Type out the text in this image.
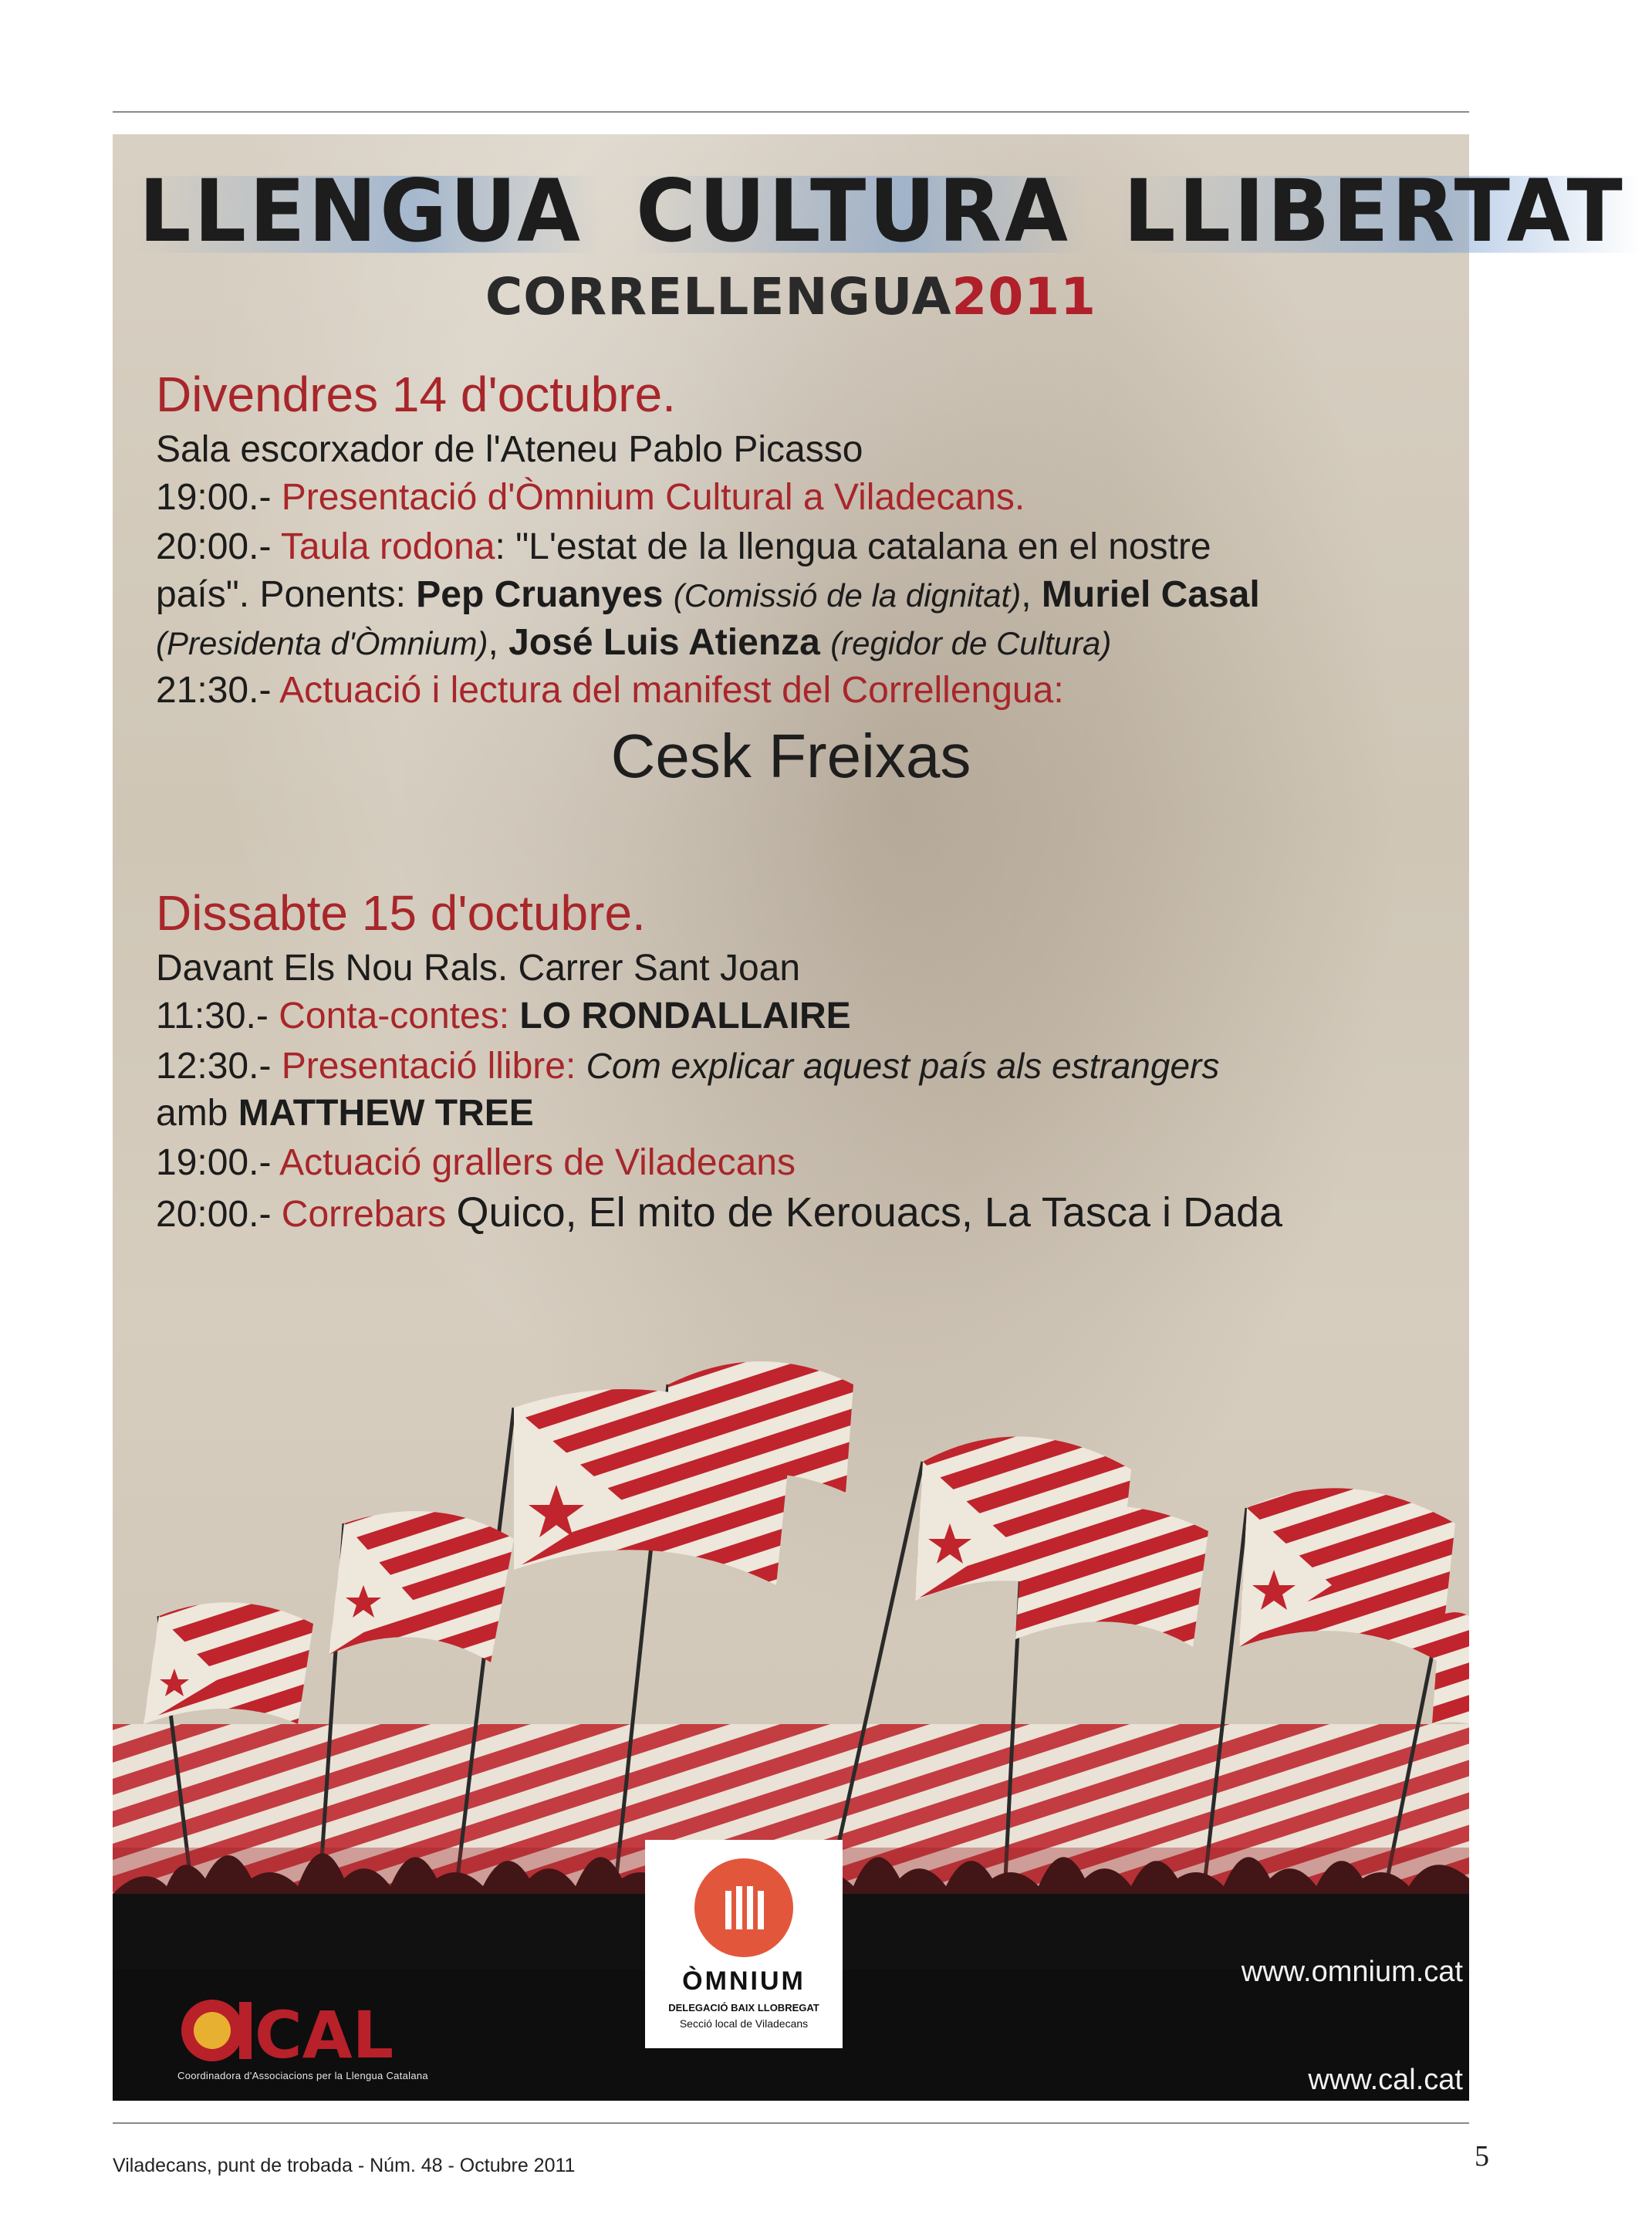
LLENGUA CULTURA LLIBERTAT
CORRELLENGUA2011
Divendres 14 d'octubre.
Sala escorxador de l'Ateneu Pablo Picasso
19:00.- Presentació d'Òmnium Cultural a Viladecans.
20:00.- Taula rodona: "L'estat de la llengua catalana en el nostre
país". Ponents: Pep Cruanyes (Comissió de la dignitat), Muriel Casal
(Presidenta d'Òmnium), José Luis Atienza (regidor de Cultura)
21:30.- Actuació i lectura del manifest del Correllengua:
Cesk Freixas
Dissabte 15 d'octubre.
Davant Els Nou Rals. Carrer Sant Joan
11:30.- Conta-contes: LO RONDALLAIRE
12:30.- Presentació llibre: Com explicar aquest país als estrangers
amb MATTHEW TREE
19:00.- Actuació grallers de Viladecans
20:00.- Correbars Quico, El mito de Kerouacs, La Tasca i Dada
CAL
Coordinadora d'Associacions per la Llengua Catalana
ÒMNIUM
DELEGACIÓ BAIX LLOBREGAT
Secció local de Viladecans
www.omnium.cat
www.cal.cat
Viladecans, punt de trobada - Núm. 48 - Octubre 2011	5
